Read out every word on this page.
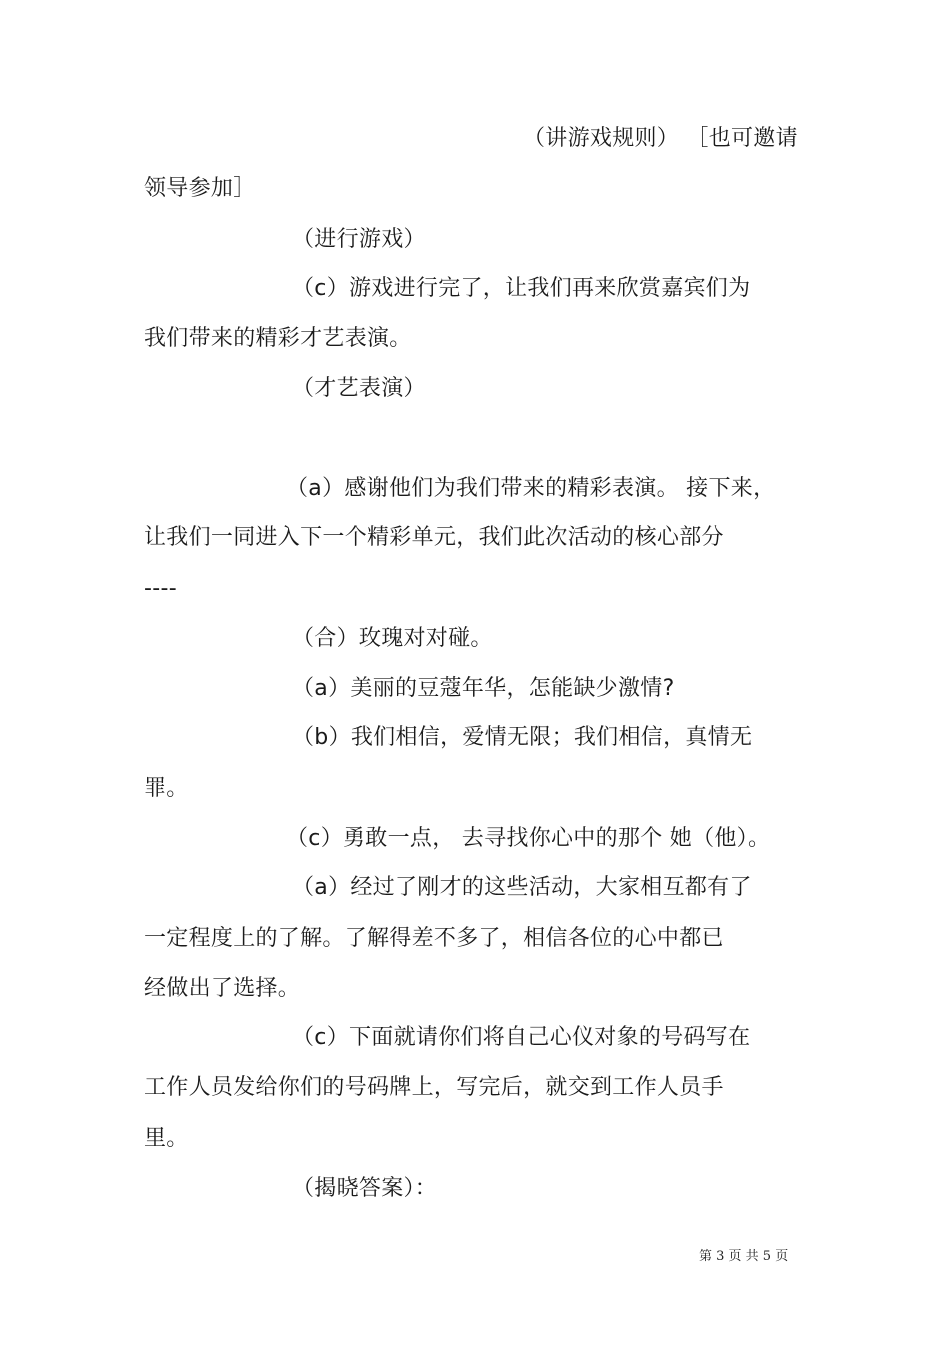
（讲游戏规则） ［也可邀请
领导参加］
（进行游戏）
（c）游戏进行完了，让我们再来欣赏嘉宾们为
我们带来的精彩才艺表演。
（才艺表演）
（a）感谢他们为我们带来的精彩表演。 接下来，
让我们一同进入下一个精彩单元，我们此次活动的核心部分
----
（合）玫瑰对对碰。
（a）美丽的豆蔻年华，怎能缺少激情?
（b）我们相信，爱情无限；我们相信，真情无
罪。
（c）勇敢一点， 去寻找你心中的那个 她（他）。
（a）经过了刚才的这些活动，大家相互都有了
一定程度上的了解。了解得差不多了，相信各位的心中都已
经做出了选择。
（c）下面就请你们将自己心仪对象的号码写在
工作人员发给你们的号码牌上，写完后，就交到工作人员手
里。
（揭晓答案）：
第 3 页 共 5 页
